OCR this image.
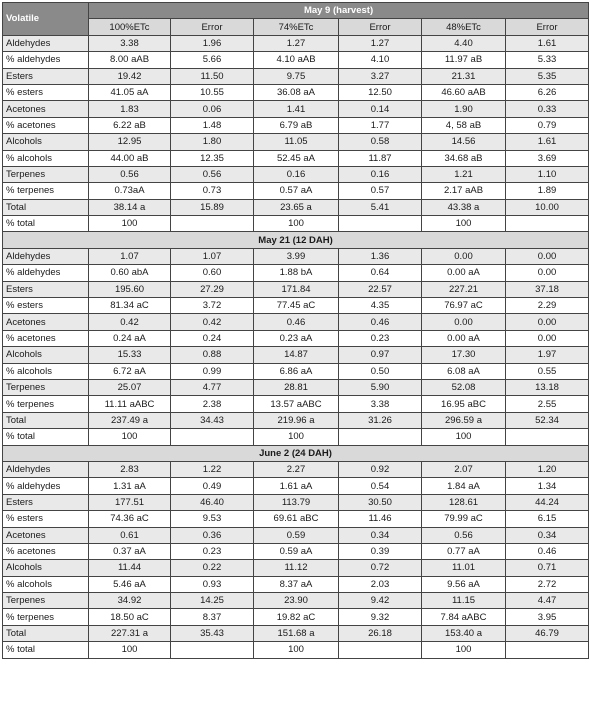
Volatile	May 9 (harvest)					
	100%ETc	Error	74%ETc	Error	48%ETc	Error
Aldehydes	3.38	1.96	1.27	1.27	4.40	1.61
% aldehydes	8.00 aAB	5.66	4.10 aAB	4.10	11.97 aB	5.33
Esters	19.42	11.50	9.75	3.27	21.31	5.35
% esters	41.05 aA	10.55	36.08 aA	12.50	46.60 aAB	6.26
Acetones	1.83	0.06	1.41	0.14	1.90	0.33
% acetones	6.22 aB	1.48	6.79 aB	1.77	4, 58 aB	0.79
Alcohols	12.95	1.80	11.05	0.58	14.56	1.61
% alcohols	44.00 aB	12.35	52.45 aA	11.87	34.68 aB	3.69
Terpenes	0.56	0.56	0.16	0.16	1.21	1.10
% terpenes	0.73aA	0.73	0.57 aA	0.57	2.17 aAB	1.89
Total	38.14 a	15.89	23.65 a	5.41	43.38 a	10.00
% total	100		100		100	
May 21 (12 DAH)						
Aldehydes	1.07	1.07	3.99	1.36	0.00	0.00
% aldehydes	0.60 abA	0.60	1.88 bA	0.64	0.00 aA	0.00
Esters	195.60	27.29	171.84	22.57	227.21	37.18
% esters	81.34 aC	3.72	77.45 aC	4.35	76.97 aC	2.29
Acetones	0.42	0.42	0.46	0.46	0.00	0.00
% acetones	0.24 aA	0.24	0.23 aA	0.23	0.00 aA	0.00
Alcohols	15.33	0.88	14.87	0.97	17.30	1.97
% alcohols	6.72 aA	0.99	6.86 aA	0.50	6.08 aA	0.55
Terpenes	25.07	4.77	28.81	5.90	52.08	13.18
% terpenes	11.11 aABC	2.38	13.57 aABC	3.38	16.95 aBC	2.55
Total	237.49 a	34.43	219.96 a	31.26	296.59 a	52.34
% total	100		100		100	
June 2 (24 DAH)						
Aldehydes	2.83	1.22	2.27	0.92	2.07	1.20
% aldehydes	1.31 aA	0.49	1.61 aA	0.54	1.84 aA	1.34
Esters	177.51	46.40	113.79	30.50	128.61	44.24
% esters	74.36 aC	9.53	69.61 aBC	11.46	79.99 aC	6.15
Acetones	0.61	0.36	0.59	0.34	0.56	0.34
% acetones	0.37 aA	0.23	0.59 aA	0.39	0.77 aA	0.46
Alcohols	11.44	0.22	11.12	0.72	11.01	0.71
% alcohols	5.46 aA	0.93	8.37 aA	2.03	9.56 aA	2.72
Terpenes	34.92	14.25	23.90	9.42	11.15	4.47
% terpenes	18.50 aC	8.37	19.82 aC	9.32	7.84 aABC	3.95
Total	227.31 a	35.43	151.68 a	26.18	153.40 a	46.79
% total	100		100		100	
